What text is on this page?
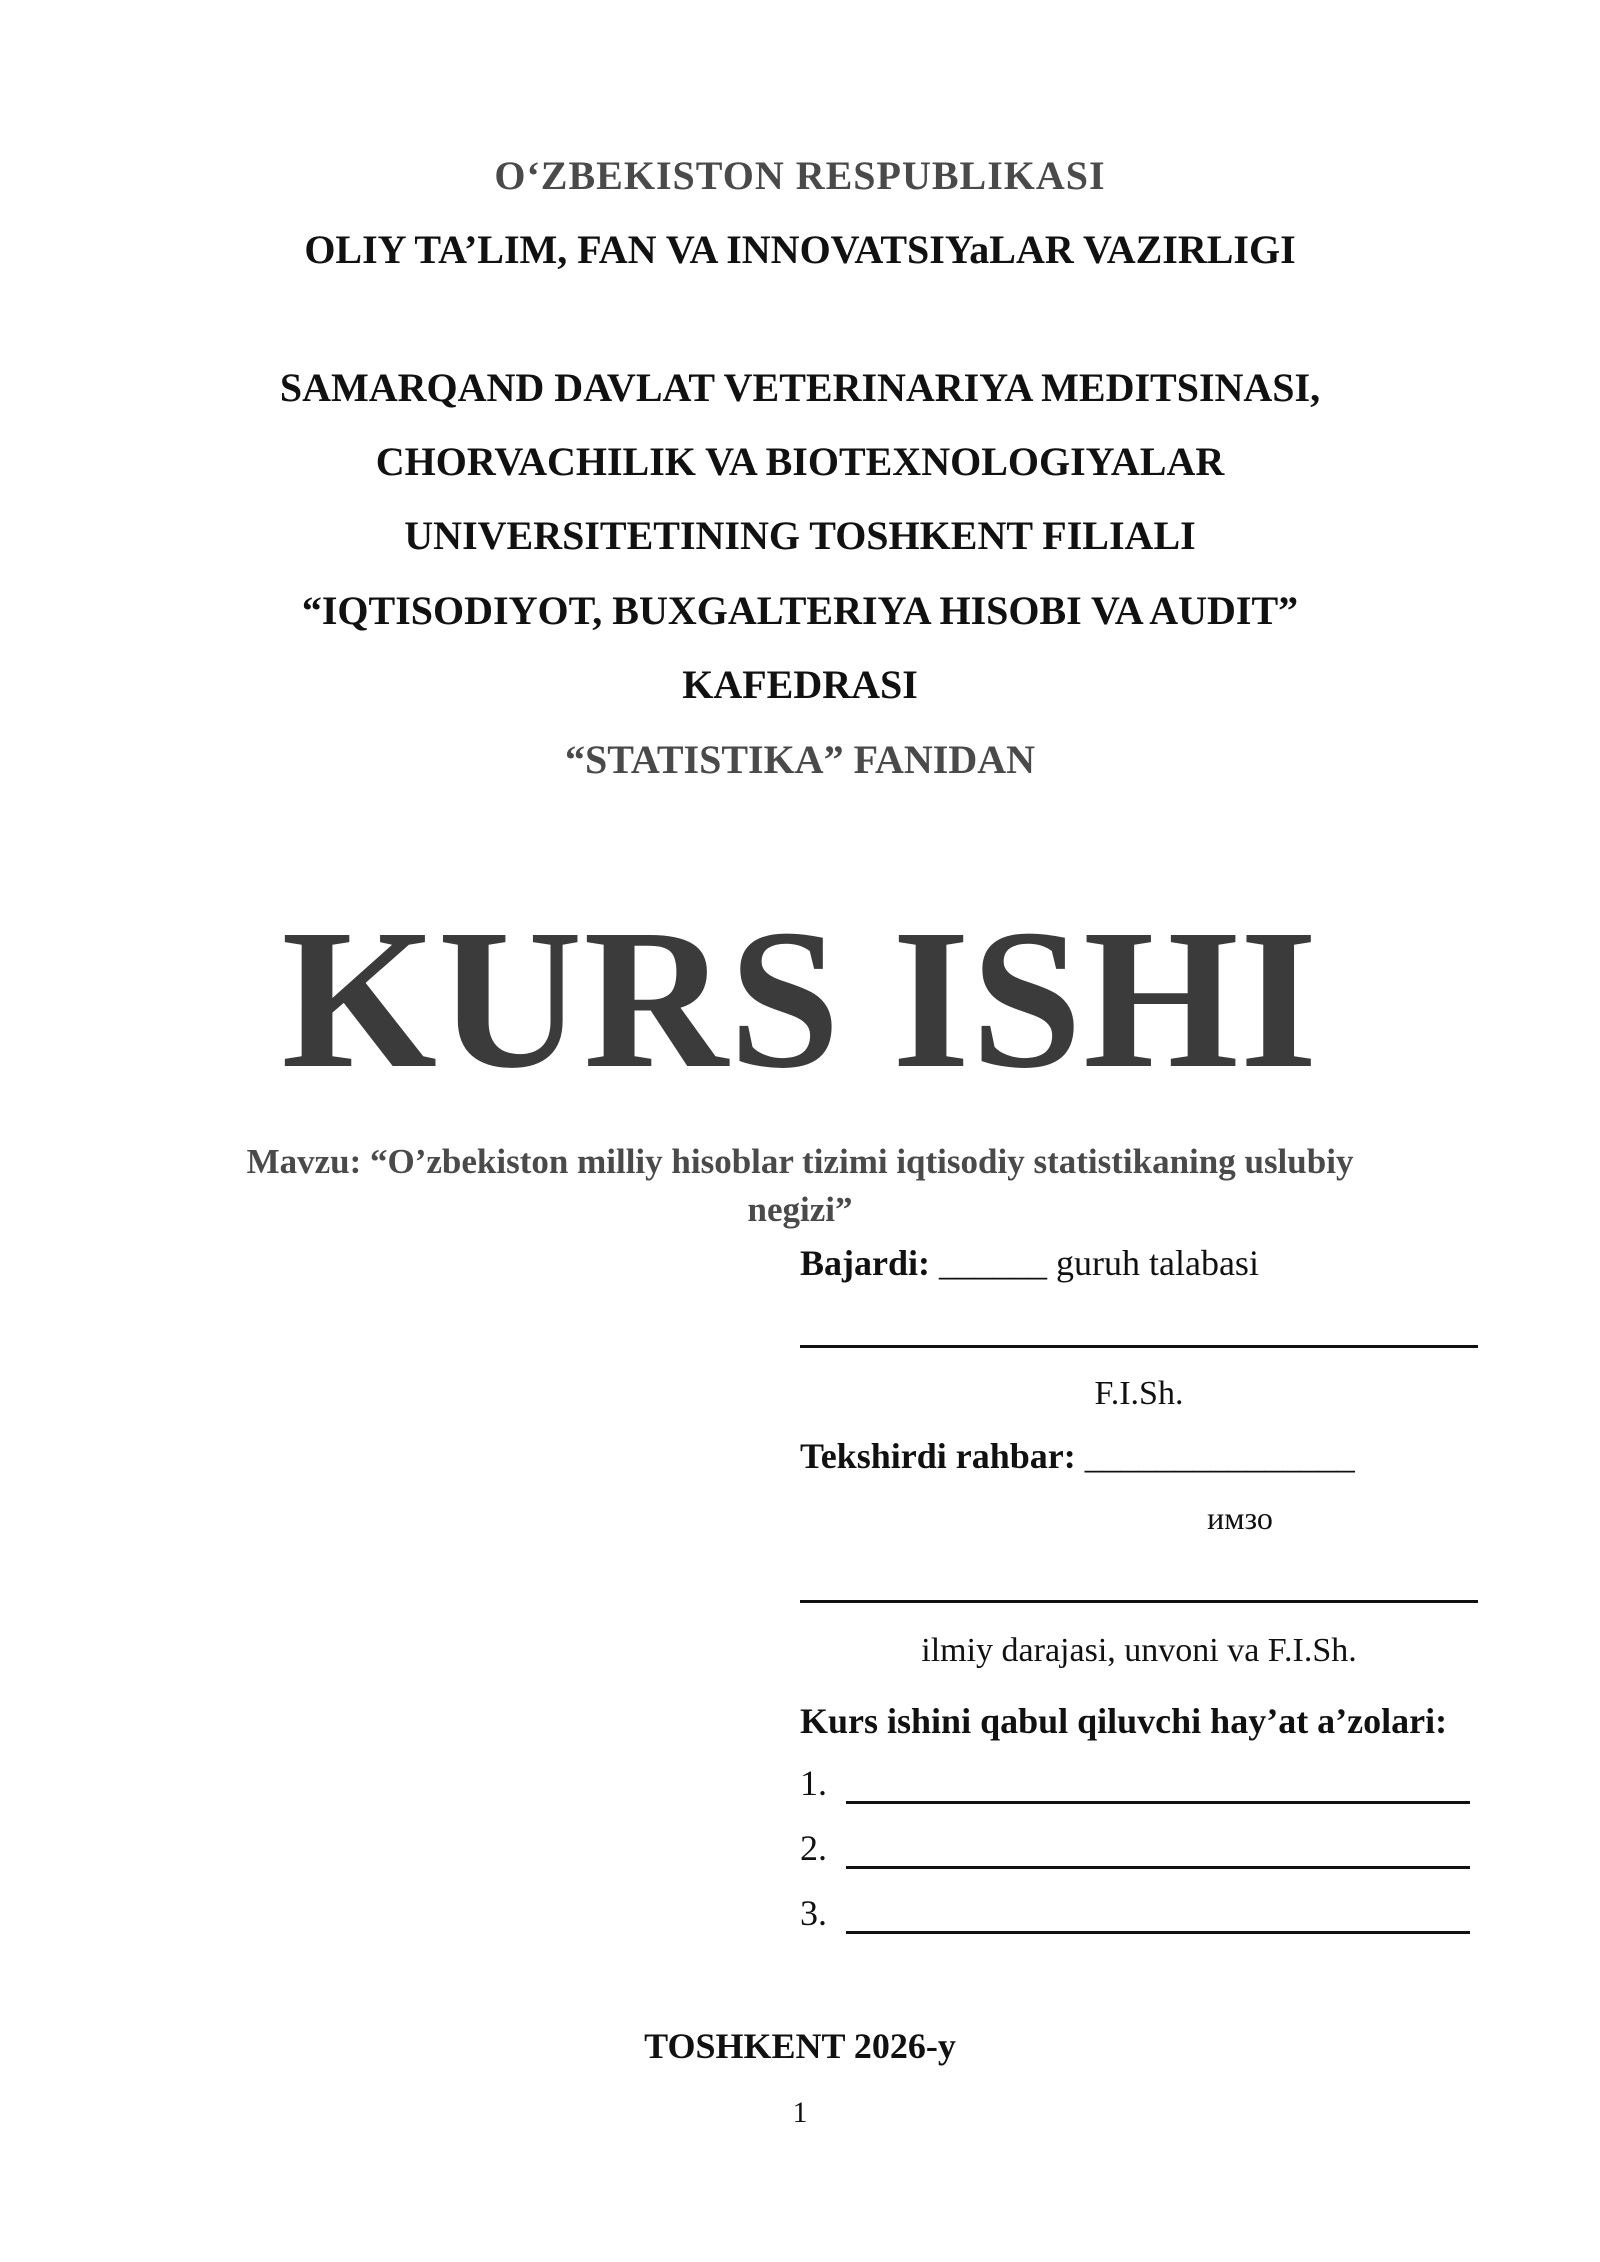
O‘ZBEKISTON RESPUBLIKASI
OLIY TA’LIM, FAN VA INNOVATSIYaLAR VAZIRLIGI
SAMARQAND DAVLAT VETERINARIYA MEDITSINASI,
CHORVACHILIK VA BIOTEXNOLOGIYALAR
UNIVERSITETINING TOSHKENT FILIALI
“IQTISODIYOT, BUXGALTERIYA HISOBI VA AUDIT”
KAFEDRASI
“STATISTIKA” FANIDAN
KURS ISHI
Mavzu: “O’zbekiston milliy hisoblar tizimi iqtisodiy statistikaning uslubiy
negizi”
Bajardi: ______ guruh talabasi
F.I.Sh.
Tekshirdi rahbar: _______________
имзо
ilmiy darajasi, unvoni va F.I.Sh.
Kurs ishini qabul qiluvchi hay’at a’zolari:
1.
2.
3.
TOSHKENT 2026-y
1
